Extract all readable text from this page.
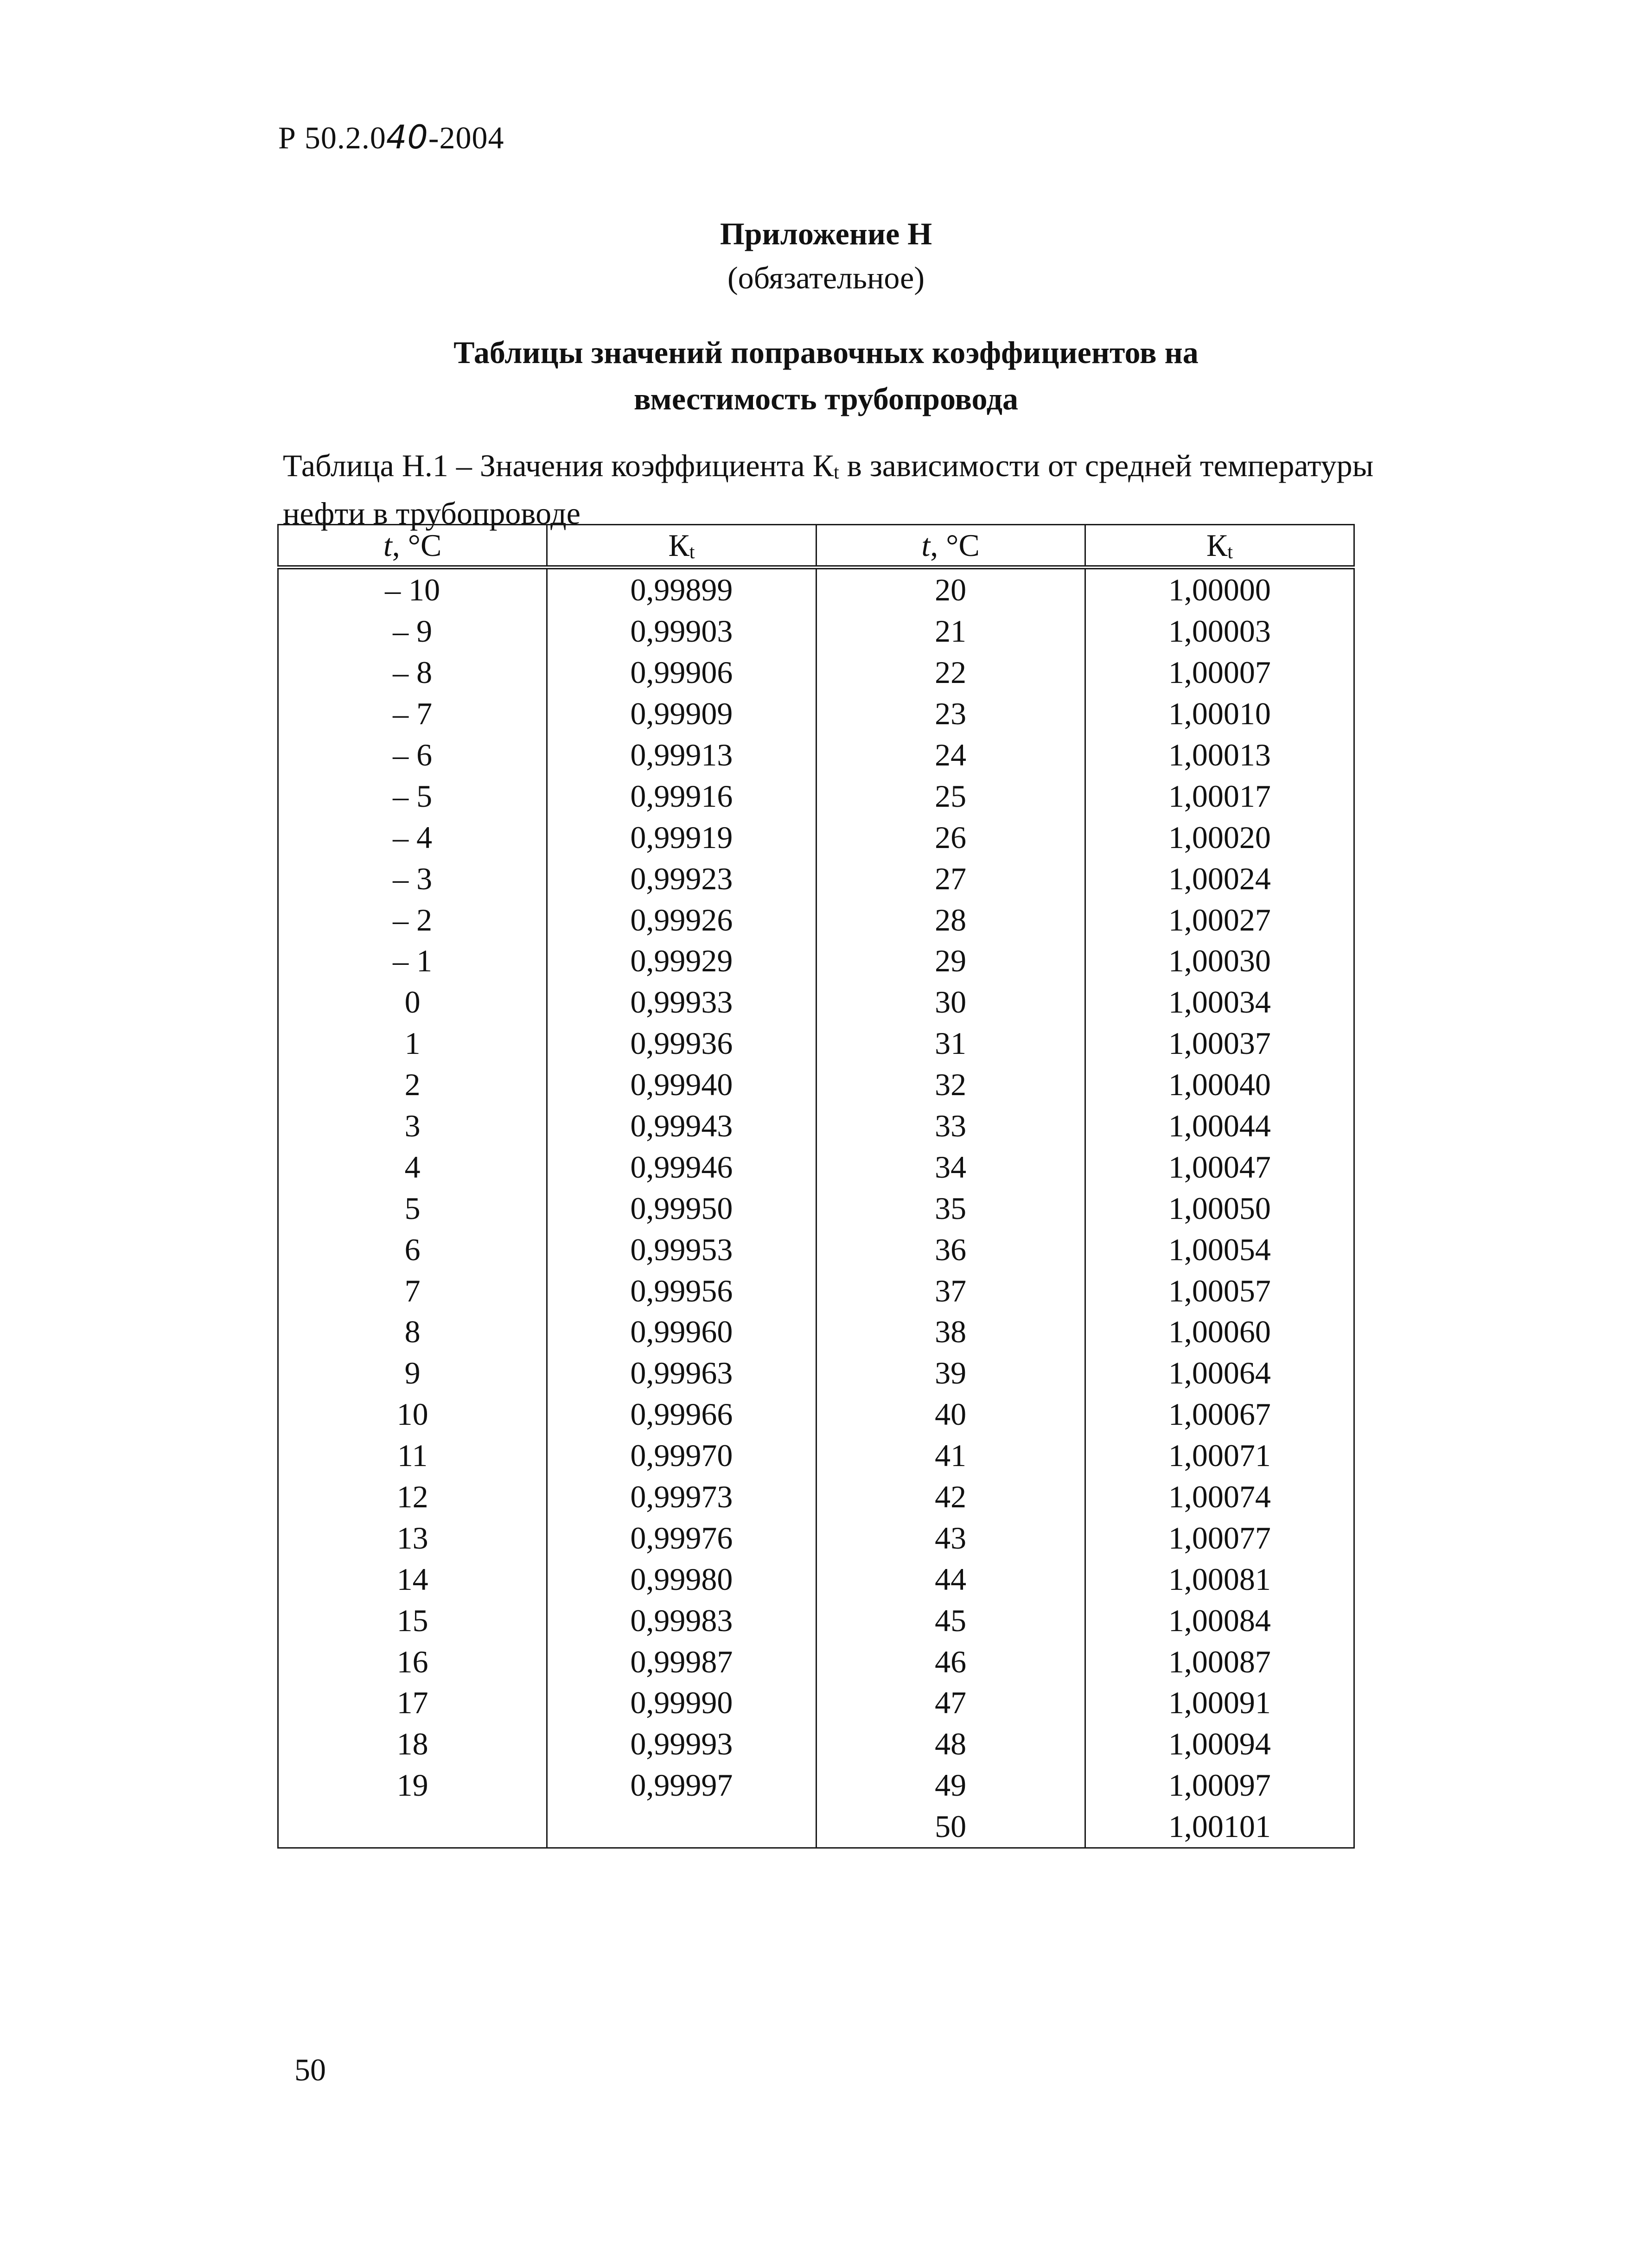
Р 50.2.040-2004
Приложение Н
(обязательное)
Таблицы значений поправочных коэффициентов на
вместимость трубопровода
Таблица Н.1 – Значения коэффициента $К_t$ в зависимости от средней температуры нефти в трубопроводе
t, °С	$К_t$	t, °С	$К_t$
– 10	0,99899	20	1,00000
– 9	0,99903	21	1,00003
– 8	0,99906	22	1,00007
– 7	0,99909	23	1,00010
– 6	0,99913	24	1,00013
– 5	0,99916	25	1,00017
– 4	0,99919	26	1,00020
– 3	0,99923	27	1,00024
– 2	0,99926	28	1,00027
– 1	0,99929	29	1,00030
0	0,99933	30	1,00034
1	0,99936	31	1,00037
2	0,99940	32	1,00040
3	0,99943	33	1,00044
4	0,99946	34	1,00047
5	0,99950	35	1,00050
6	0,99953	36	1,00054
7	0,99956	37	1,00057
8	0,99960	38	1,00060
9	0,99963	39	1,00064
10	0,99966	40	1,00067
11	0,99970	41	1,00071
12	0,99973	42	1,00074
13	0,99976	43	1,00077
14	0,99980	44	1,00081
15	0,99983	45	1,00084
16	0,99987	46	1,00087
17	0,99990	47	1,00091
18	0,99993	48	1,00094
19	0,99997	49	1,00097
		50	1,00101
50
